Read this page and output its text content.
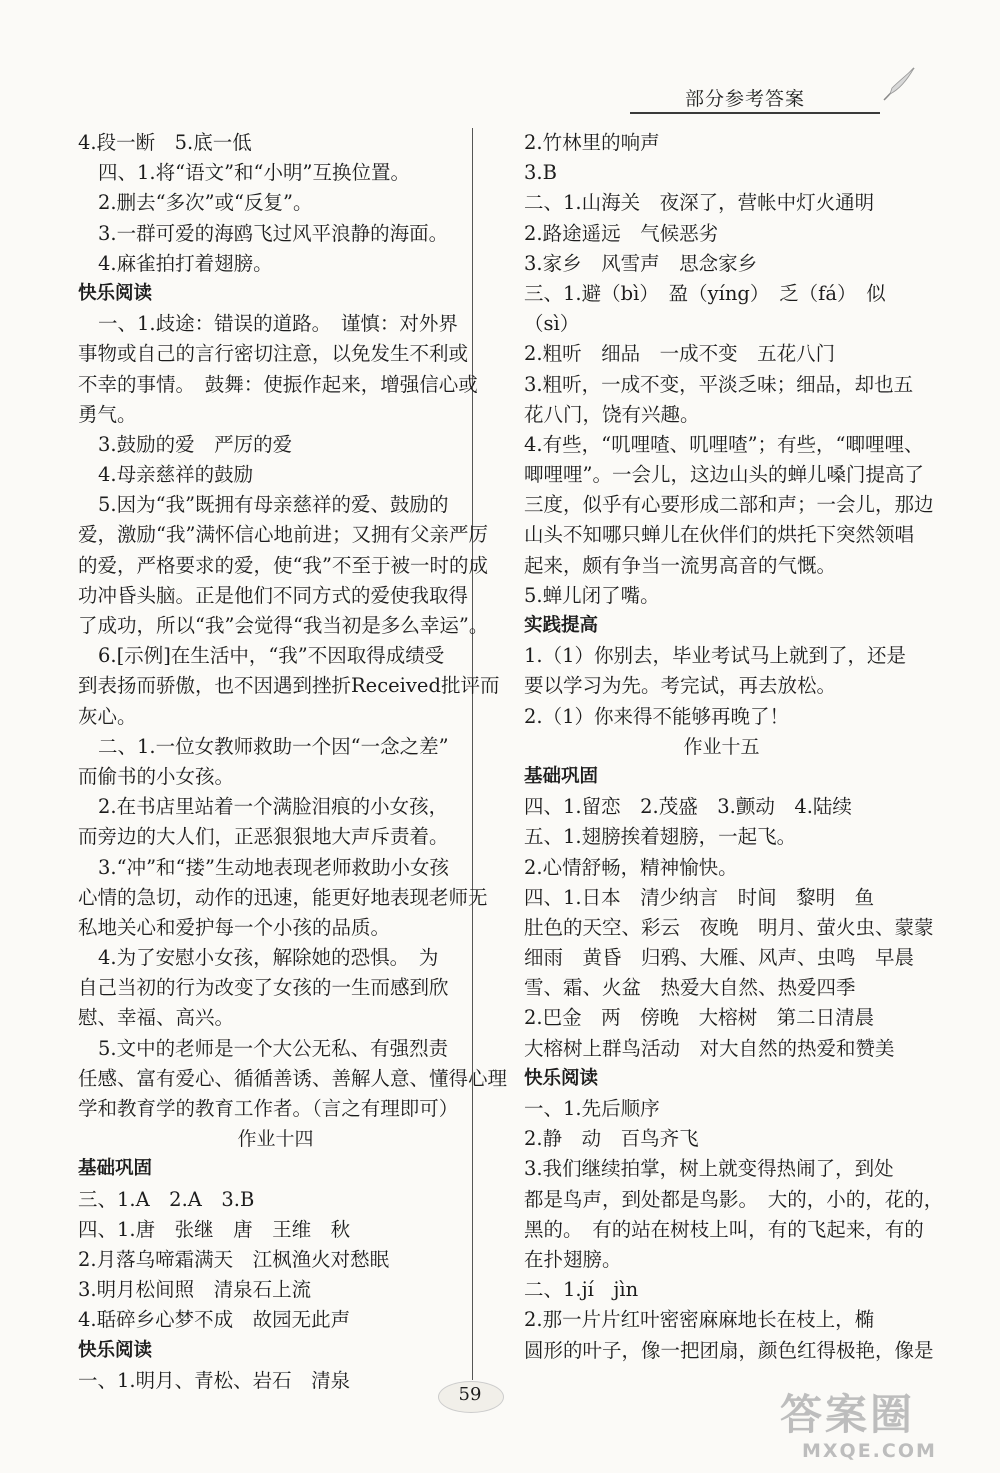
部分参考答案
4.段一断　5.底一低
四、1.将“语文”和“小明”互换位置。
2.删去“多次”或“反复”。
3.一群可爱的海鸥飞过风平浪静的海面。
4.麻雀拍打着翅膀。
快乐阅读
一、1.歧途：错误的道路。　谨慎：对外界
事物或自己的言行密切注意，以免发生不利或
不幸的事情。　鼓舞：使振作起来，增强信心或
勇气。
3.鼓励的爱　严厉的爱
4.母亲慈祥的鼓励
5.因为“我”既拥有母亲慈祥的爱、鼓励的
爱，激励“我”满怀信心地前进；又拥有父亲严厉
的爱，严格要求的爱，使“我”不至于被一时的成
功冲昏头脑。正是他们不同方式的爱使我取得
了成功，所以“我”会觉得“我当初是多么幸运”。
6.[示例]在生活中，“我”不因取得成绩受
到表扬而骄傲，也不因遇到挫折Received批评而
灰心。
二、1.一位女教师救助一个因“一念之差”
而偷书的小女孩。
2.在书店里站着一个满脸泪痕的小女孩，
而旁边的大人们，正恶狠狠地大声斥责着。
3.“冲”和“搂”生动地表现老师救助小女孩
心情的急切，动作的迅速，能更好地表现老师无
私地关心和爱护每一个小孩的品质。
4.为了安慰小女孩，解除她的恐惧。　为
自己当初的行为改变了女孩的一生而感到欣
慰、幸福、高兴。
5.文中的老师是一个大公无私、有强烈责
任感、富有爱心、循循善诱、善解人意、懂得心理
学和教育学的教育工作者。（言之有理即可）
作业十四
基础巩固
三、1.A　2.A　3.B
四、1.唐　张继　唐　王维　秋
2.月落乌啼霜满天　江枫渔火对愁眠
3.明月松间照　清泉石上流
4.聒碎乡心梦不成　故园无此声
快乐阅读
一、1.明月、青松、岩石　清泉
2.竹林里的响声
3.B
二、1.山海关　夜深了，营帐中灯火通明
2.路途遥远　气候恶劣
3.家乡　风雪声　思念家乡
三、1.避（bì）　盈（yíng）　乏（fá）　似
（sì）
2.粗听　细品　一成不变　五花八门
3.粗听，一成不变，平淡乏味；细品，却也五
花八门，饶有兴趣。
4.有些，“叽哩喳、叽哩喳”；有些，“唧哩哩、
唧哩哩”。一会儿，这边山头的蝉儿嗓门提高了
三度，似乎有心要形成二部和声；一会儿，那边
山头不知哪只蝉儿在伙伴们的烘托下突然领唱
起来，颇有争当一流男高音的气慨。
5.蝉儿闭了嘴。
实践提高
1.（1）你别去，毕业考试马上就到了，还是
要以学习为先。考完试，再去放松。
2.（1）你来得不能够再晚了！
作业十五
基础巩固
四、1.留恋　2.茂盛　3.颤动　4.陆续
五、1.翅膀挨着翅膀，一起飞。
2.心情舒畅，精神愉快。
四、1.日本　清少纳言　时间　黎明　鱼
肚色的天空、彩云　夜晚　明月、萤火虫、蒙蒙
细雨　黄昏　归鸦、大雁、风声、虫鸣　早晨
雪、霜、火盆　热爱大自然、热爱四季
2.巴金　两　傍晚　大榕树　第二日清晨
大榕树上群鸟活动　对大自然的热爱和赞美
快乐阅读
一、1.先后顺序
2.静　动　百鸟齐飞
3.我们继续拍掌，树上就变得热闹了，到处
都是鸟声，到处都是鸟影。　大的，小的，花的，
黑的。　有的站在树枝上叫，有的飞起来，有的
在扑翅膀。
二、1.jí　jìn
2.那一片片红叶密密麻麻地长在枝上，椭
圆形的叶子，像一把团扇，颜色红得极艳，像是
59	答案圈
MXQE.COM
